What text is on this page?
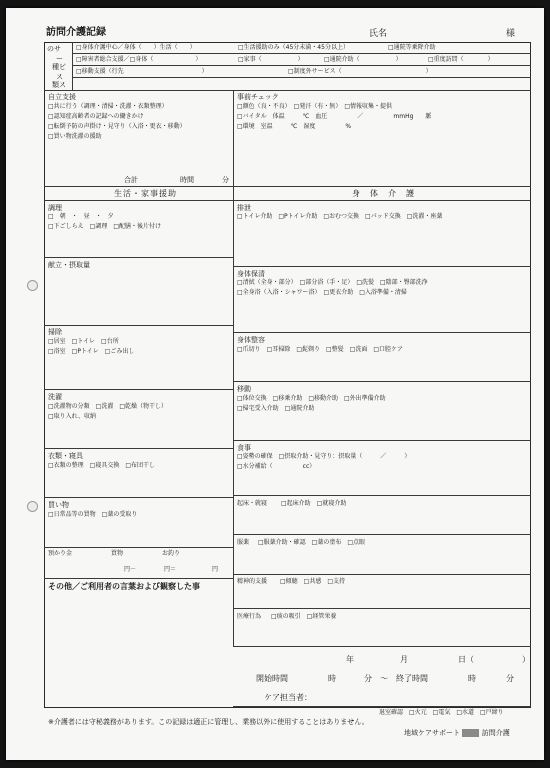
訪問介護記録	氏名	様
のサ
ー
種ビ
ス
類ス
□身体介護中心／身体（　　）生活（　　）	□生活援助のみ（45分未満・45分以上）	□通院等乗降介助
□障害者総合支援／□身体（　　　　　　　）	□家事（　　　　　　）	□通院介助（　　　　　　）	□重度訪問（　　　　）
□移動支援（行先　　　　　　　　　　　　　）	□制度外サービス（　　　　　　　　　　　　　　）
自立支援
□共に行う（調理・清掃・洗濯・衣類整理）
□認知症高齢者の記録への働きかけ
□転倒予防の声掛け・見守り（入浴・更衣・移動）
□買い物洗濯の援助
合計	時間	分
事前チェック
□顔色（良・不良）　□発汗（有・無）　□情報収集・提供
□バイタル　体温　　　℃　血圧　　　　　／　　　　　mmHg　　脈
□環境　室温　　　℃　湿度　　　　　%
生活・家事援助	身　体　介　護
調理
□　朝　・　昼　・　夕
□下ごしらえ　□調理　□配膳・後片付け
献立・摂取量
掃除
□居室　□トイレ　□台所
□浴室　□Pトイレ　□ごみ出し
洗濯
□洗濯物の分類　□洗濯　□乾燥（物干し）
□取り入れ、収納
衣類・寝具
□衣類の整理　□寝具交換　□布団干し
買い物
□日常品等の買物　□薬の受取り
預かり金	買物	お釣り
円－	円＝	円
その他／ご利用者の言葉および観察した事
排泄
□トイレ介助　□Pトイレ介助　□おむつ交換　□パッド交換　□洗濯・座薬
身体保清
□清拭（全身・部分）　□部分浴（手・足）　□洗髪　□陰部・臀部洗浄
□全身浴（入浴・シャワー浴）　□更衣介助　□入浴準備・清掃
身体整容
□爪切り　□耳掃除　□髭剃り　□整髪　□洗面　□口腔ケア
移動
□体位交換　□移乗介助　□移動介助　□外出準備介助
□掃宅受入介助　□通院介助
食事
□姿勢の確保　□摂取介助・見守り：摂取量（　　　／　　　）
□水分補給（　　　　　cc）
起床・就寝 □起床介助　□就寝介助
服薬 □服薬介助・確認　□薬の塗布　□点眼
精神的支援 □傾聴　□共感　□支持
医療行為 □痰の吸引　□経管栄養
年	月	日（　　　　　　）
開始時間	時	分　〜　終了時間	時	分
ケア担当者：
退室確認　□火元　□電気　□水道　□戸締り
※介護者には守秘義務があります。この記録は適正に管理し、業務以外に使用することはありません。
地域ケアサポート ■■ 訪問介護
